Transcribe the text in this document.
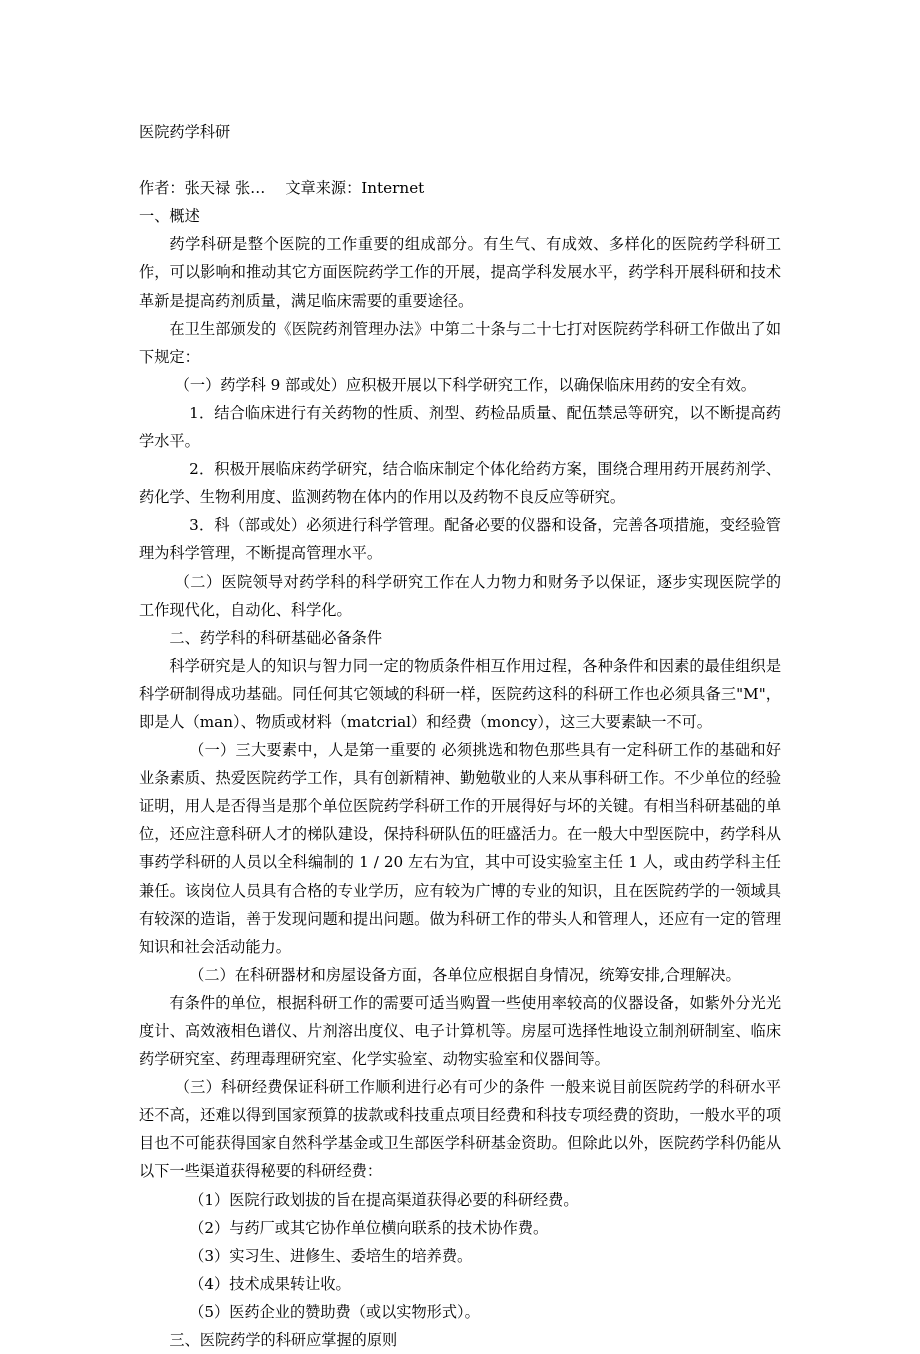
医院药学科研

作者：张天禄 张…　 文章来源：Internet

一、概述

药学科研是整个医院的工作重要的组成部分。有生气、有成效、多样化的医院药学科研工作，可以影响和推动其它方面医院药学工作的开展，提高学科发展水平，药学科开展科研和技术革新是提高药剂质量，满足临床需要的重要途径。

在卫生部颁发的《医院药剂管理办法》中第二十条与二十七打对医院药学科研工作做出了如下规定：

（一）药学科 9 部或处）应积极开展以下科学研究工作，以确保临床用药的安全有效。

1．结合临床进行有关药物的性质、剂型、药检品质量、配伍禁忌等研究，以不断提高药学水平。

2．积极开展临床药学研究，结合临床制定个体化给药方案，围绕合理用药开展药剂学、药化学、生物利用度、监测药物在体内的作用以及药物不良反应等研究。

3．科（部或处）必须进行科学管理。配备必要的仪器和设备，完善各项措施，变经验管理为科学管理，不断提高管理水平。

（二）医院领导对药学科的科学研究工作在人力物力和财务予以保证，逐步实现医院学的工作现代化，自动化、科学化。

二、药学科的科研基础必备条件

科学研究是人的知识与智力同一定的物质条件相互作用过程，各种条件和因素的最佳组织是科学研制得成功基础。同任何其它领域的科研一样，医院药这科的科研工作也必须具备三"M"，即是人（man）、物质或材料（matcrial）和经费（moncy），这三大要素缺一不可。

（一）三大要素中，人是第一重要的 必须挑选和物色那些具有一定科研工作的基础和好业条素质、热爱医院药学工作，具有创新精神、勤勉敬业的人来从事科研工作。不少单位的经验证明，用人是否得当是那个单位医院药学科研工作的开展得好与坏的关键。有相当科研基础的单位，还应注意科研人才的梯队建设，保持科研队伍的旺盛活力。在一般大中型医院中，药学科从事药学科研的人员以全科编制的 1 / 20 左右为宜，其中可设实验室主任 1 人，或由药学科主任兼任。该岗位人员具有合格的专业学历，应有较为广博的专业的知识，且在医院药学的一领域具有较深的造诣，善于发现问题和提出问题。做为科研工作的带头人和管理人，还应有一定的管理知识和社会活动能力。

（二）在科研器材和房屋设备方面，各单位应根据自身情况，统筹安排,合理解决。

有条件的单位，根据科研工作的需要可适当购置一些使用率较高的仪器设备，如紫外分光光度计、高效液相色谱仪、片剂溶出度仪、电子计算机等。房屋可选择性地设立制剂研制室、临床药学研究室、药理毒理研究室、化学实验室、动物实验室和仪器间等。

（三）科研经费保证科研工作顺利进行必有可少的条件 一般来说目前医院药学的科研水平还不高，还难以得到国家预算的拔款或科技重点项目经费和科技专项经费的资助，一般水平的项目也不可能获得国家自然科学基金或卫生部医学科研基金资助。但除此以外，医院药学科仍能从以下一些渠道获得秘要的科研经费：

（1）医院行政划拔的旨在提高渠道获得必要的科研经费。

（2）与药厂或其它协作单位横向联系的技术协作费。

（3）实习生、进修生、委培生的培养费。

（4）技术成果转让收。

（5）医药企业的赞助费（或以实物形式）。

三、医院药学的科研应掌握的原则
